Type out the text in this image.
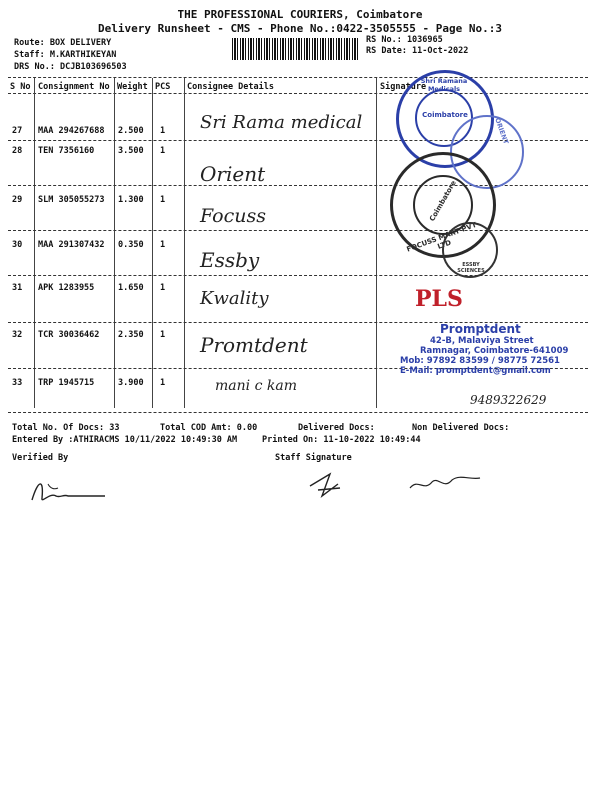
THE PROFESSIONAL COURIERS, Coimbatore
Delivery Runsheet - CMS - Phone No.:0422-3505555 - Page No.:3
Route: BOX DELIVERY
Staff: M.KARTHIKEYAN
DRS No.: DCJB103696503
RS No.: 1036965
RS Date: 11-Oct-2022
S No Consignment No Weight PCS Consignee Details	Signature
27 MAA 294267688 2.500 1 Sri Rama medical
28 TEN 7356160	3.500 1
Orient
29 SLM 305055273 1.300 1
Focuss
30 MAA 291307432 0.350 1
Essby
31 APK 1283955	1.650 1 Kwality
32 TCR 30036462 2.350 1 Promtdent
33 TRP 1945715	3.900 1	mani c kam
Total No. Of Docs: 33	Total COD Amt: 0.00	Delivered Docs:	Non Delivered Docs:
Entered By :ATHIRACMS 10/11/2022 10:49:30 AM	Printed On: 11-10-2022 10:49:44
Verified By	Staff Signature
Shri Ramana Medicals
Coimbatore
ORIENT
FOCUSS MART PVT LTD
Coimbatore
ESSBY SCIENCES
PLS
Promptdent
42-B, Malaviya Street
Ramnagar, Coimbatore-641009
Mob: 97892 83599 / 98775 72561
E-Mail: promptdent@gmail.com
9489322629
